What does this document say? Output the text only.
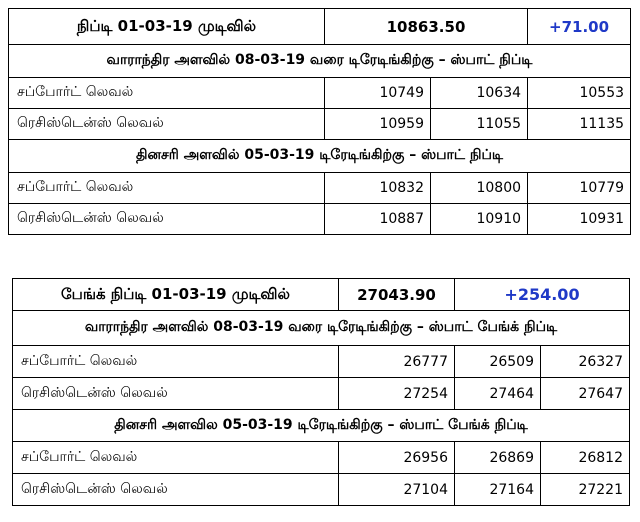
நிப்டி 01-03-19 முடிவில்	10863.50		+71.00
வாராந்திர அளவில் 08-03-19 வரை டிரேடிங்கிற்கு – ஸ்பாட் நிப்டி			
சப்போர்ட் லெவல்	10749	10634	10553
ரெசிஸ்டென்ஸ் லெவல்	10959	11055	11135
தினசரி அளவில் 05-03-19 டிரேடிங்கிற்கு – ஸ்பாட் நிப்டி			
சப்போர்ட் லெவல்	10832	10800	10779
ரெசிஸ்டென்ஸ் லெவல்	10887	10910	10931
பேங்க் நிப்டி 01-03-19 முடிவில்	27043.90	+254.00	
வாராந்திர அளவில் 08-03-19 வரை டிரேடிங்கிற்கு – ஸ்பாட் பேங்க் நிப்டி			
சப்போர்ட் லெவல்	26777	26509	26327
ரெசிஸ்டென்ஸ் லெவல்	27254	27464	27647
தினசரி அளவில 05-03-19 டிரேடிங்கிற்கு – ஸ்பாட் பேங்க் நிப்டி			
சப்போர்ட் லெவல்	26956	26869	26812
ரெசிஸ்டென்ஸ் லெவல்	27104	27164	27221
